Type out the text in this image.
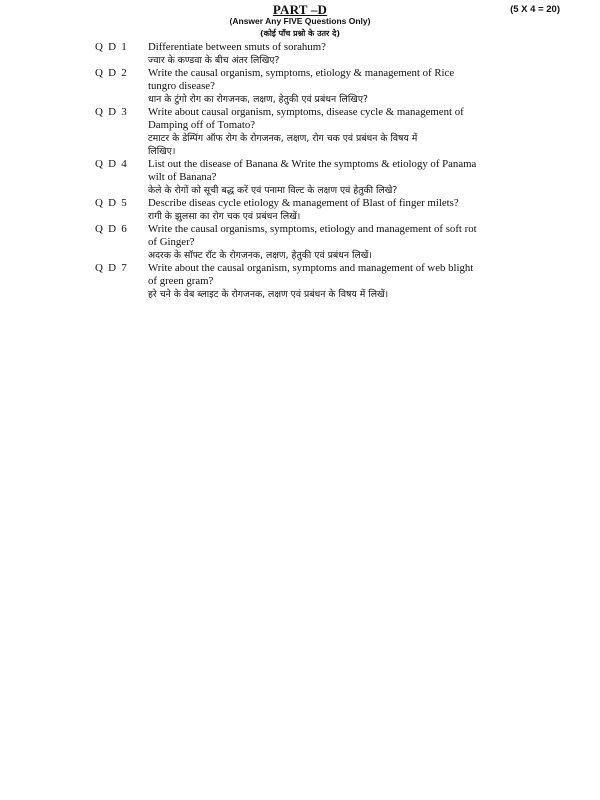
PART –D	(5 X 4 = 20)
(Answer Any FIVE Questions Only)
(कोई पाँच प्रश्नो के उतर दे)
Q D 1	Differentiate between smuts of sorahum?
ज्वार के कण्डवा के बीच अंतर लिखिए?
Q D 2	Write the causal organism, symptoms, etiology & management of Rice
tungro disease?
धान के टुंगो रोग का रोगजनक, लक्षण, हेतुकी एवं प्रबंधन लिखिए?
Q D 3	Write about causal organism, symptoms, disease cycle & management of
Damping off of Tomato?
टमाटर के डेम्पिंग ऑफ रोग के रोगजनक, लक्षण, रोग चक एवं प्रबंधन के विषय में
लिखिए।
Q D 4	List out the disease of Banana & Write the symptoms & etiology of Panama
wilt of Banana?
केले के रोगों को सूची बद्ध करें एवं पनामा विल्ट के लक्षण एवं हेतुकी लिखे?
Q D 5	Describe diseas cycle etiology & management of Blast of finger milets?
रागी के झुलसा का रोग चक एवं प्रबंधन लिखें।
Q D 6	Write the causal organisms, symptoms, etiology and management of soft rot
of Ginger?
अदरक के सॉफ्ट रॉट के रोगजनक, लक्षण, हेतुकी एवं प्रबंधन लिखें।
Q D 7	Write about the causal organism, symptoms and management of web blight
of green gram?
हरे चने के वेब ब्लाइट के रोगजनक, लक्षण एवं प्रबंधन के विषय में लिखें।
